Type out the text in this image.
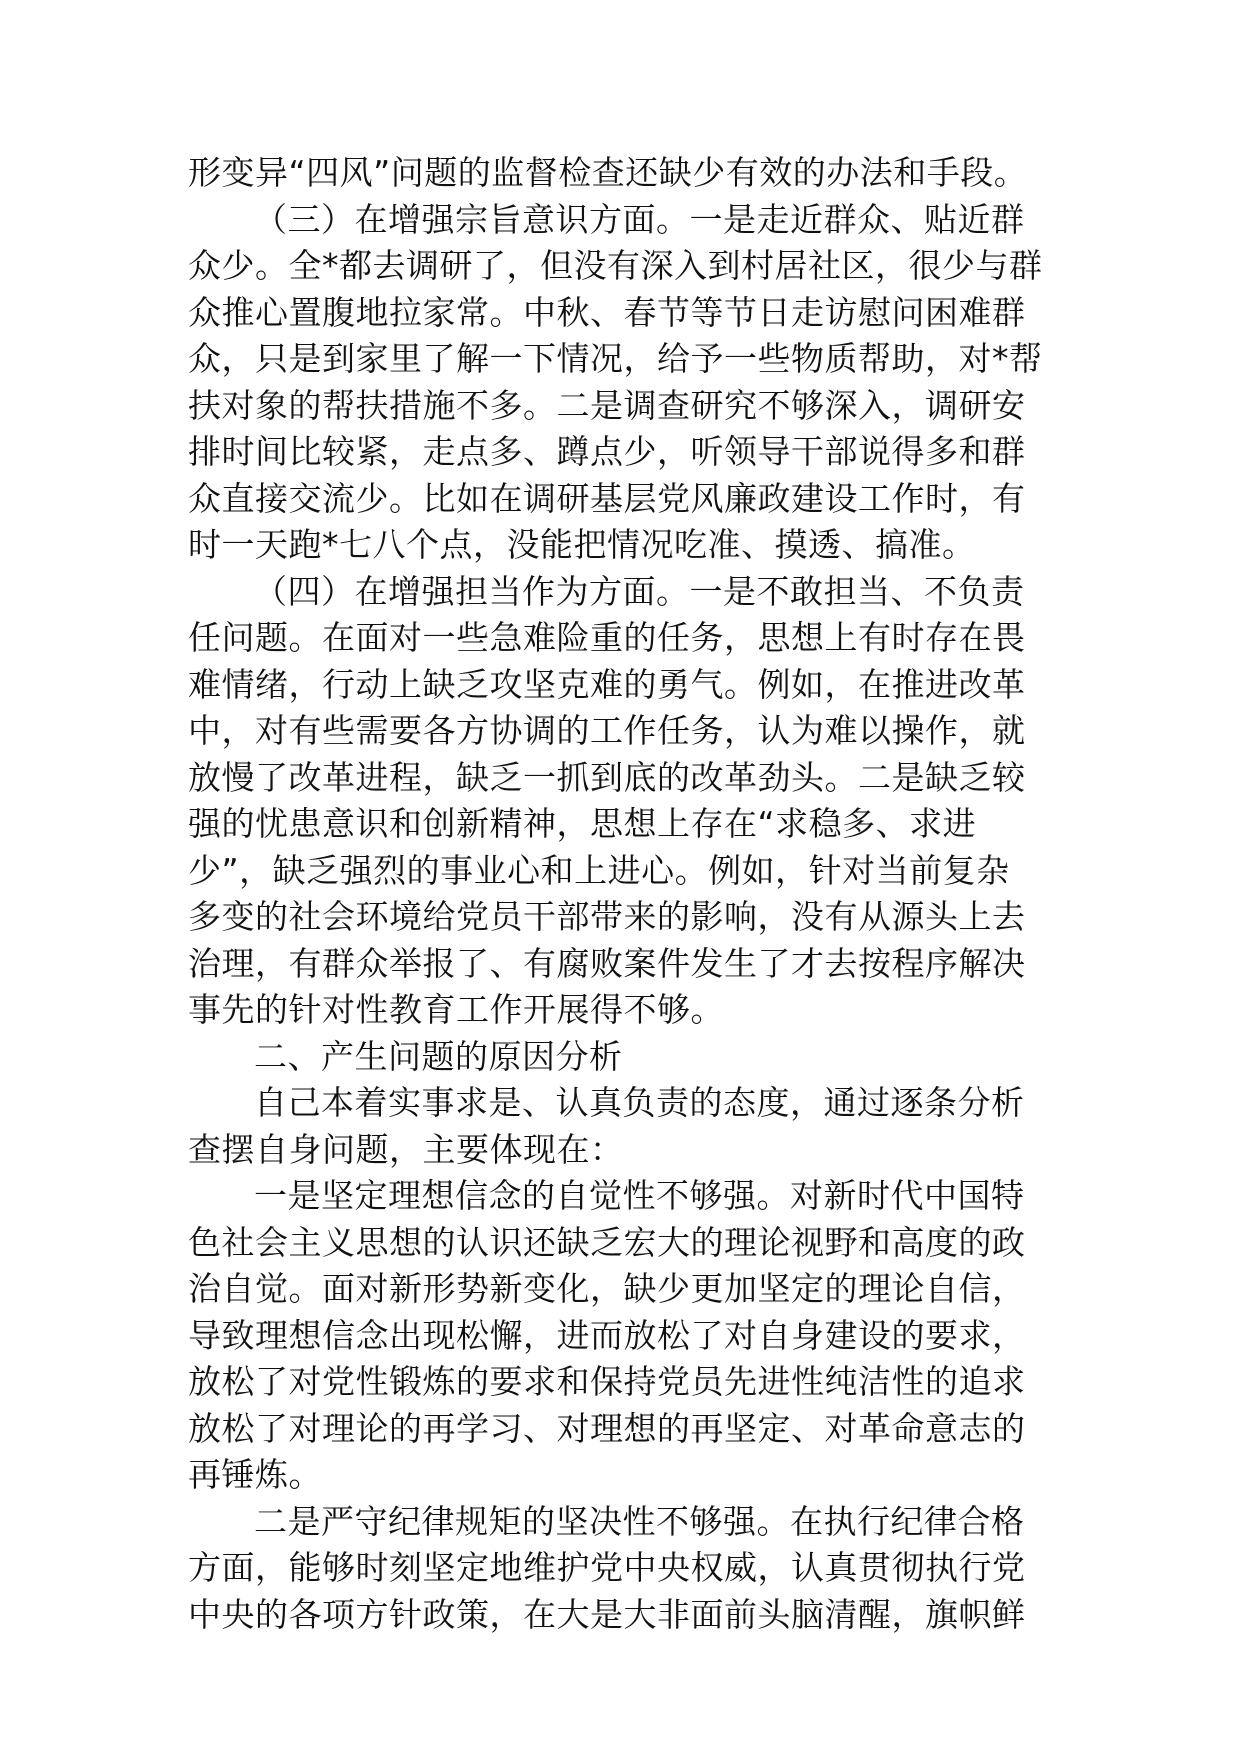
形变异“四风”问题的监督检查还缺少有效的办法和手段。
（三）在增强宗旨意识方面。一是走近群众、贴近群
众少。全*都去调研了，但没有深入到村居社区，很少与群
众推心置腹地拉家常。中秋、春节等节日走访慰问困难群
众，只是到家里了解一下情况，给予一些物质帮助，对*帮
扶对象的帮扶措施不多。二是调查研究不够深入，调研安
排时间比较紧，走点多、蹲点少，听领导干部说得多和群
众直接交流少。比如在调研基层党风廉政建设工作时，有
时一天跑*七八个点，没能把情况吃准、摸透、搞准。
（四）在增强担当作为方面。一是不敢担当、不负责
任问题。在面对一些急难险重的任务，思想上有时存在畏
难情绪，行动上缺乏攻坚克难的勇气。例如，在推进改革
中，对有些需要各方协调的工作任务，认为难以操作，就
放慢了改革进程，缺乏一抓到底的改革劲头。二是缺乏较
强的忧患意识和创新精神，思想上存在“求稳多、求进
少”，缺乏强烈的事业心和上进心。例如，针对当前复杂
多变的社会环境给党员干部带来的影响，没有从源头上去
治理，有群众举报了、有腐败案件发生了才去按程序解决
事先的针对性教育工作开展得不够。
二、产生问题的原因分析
自己本着实事求是、认真负责的态度，通过逐条分析
查摆自身问题，主要体现在：
一是坚定理想信念的自觉性不够强。对新时代中国特
色社会主义思想的认识还缺乏宏大的理论视野和高度的政
治自觉。面对新形势新变化，缺少更加坚定的理论自信，
导致理想信念出现松懈，进而放松了对自身建设的要求，
放松了对党性锻炼的要求和保持党员先进性纯洁性的追求
放松了对理论的再学习、对理想的再坚定、对革命意志的
再锤炼。
二是严守纪律规矩的坚决性不够强。在执行纪律合格
方面，能够时刻坚定地维护党中央权威，认真贯彻执行党
中央的各项方针政策，在大是大非面前头脑清醒，旗帜鲜
